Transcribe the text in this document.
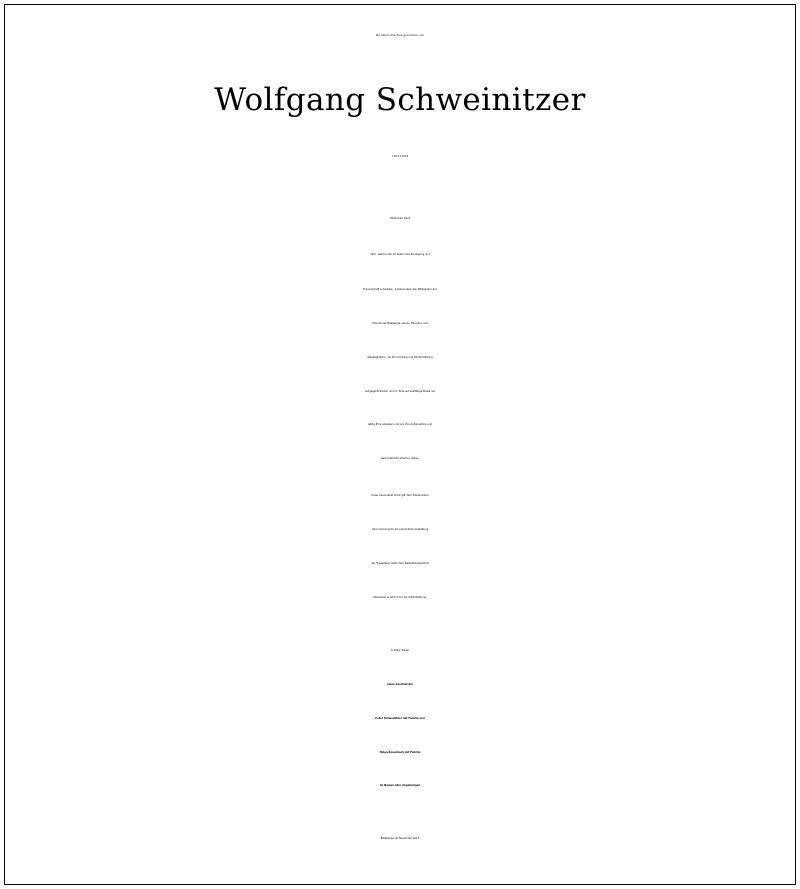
Wir haben Abschied genommen von

Wolfgang Schweinitzer

† 05.11.2019

Herzlichen Dank

allen, welche ihm im Leben ihre Zuneigung und

Freundschaft schenkten, insbesondere den Mitgliedern der

Ortschronik Baalberge, seinen Freunden und

Wegbegleitern, die ihm Achtung und Wertschätzung

entgegenbrachten und im Tode auf vielfältige Weise die

letzte Ehre erwiesen und uns ihre Anteilnahme und

Verbundenheit erfahren ließen.

Unser besonderer Dank gilt dem Trauerredner

Herrn Grüning für die persönliche Gestaltung

der Trauerfeier sowie dem Bestattungsinstitut

Weinecker & Görsch für die Unterstützung.

In stiller Trauer

seine Geschwister

Peter Schweinitzer mit Familie und

Helga Rosenbach mit Familie

im Namen aller Angehörigen

Baalberge, im November 2019
